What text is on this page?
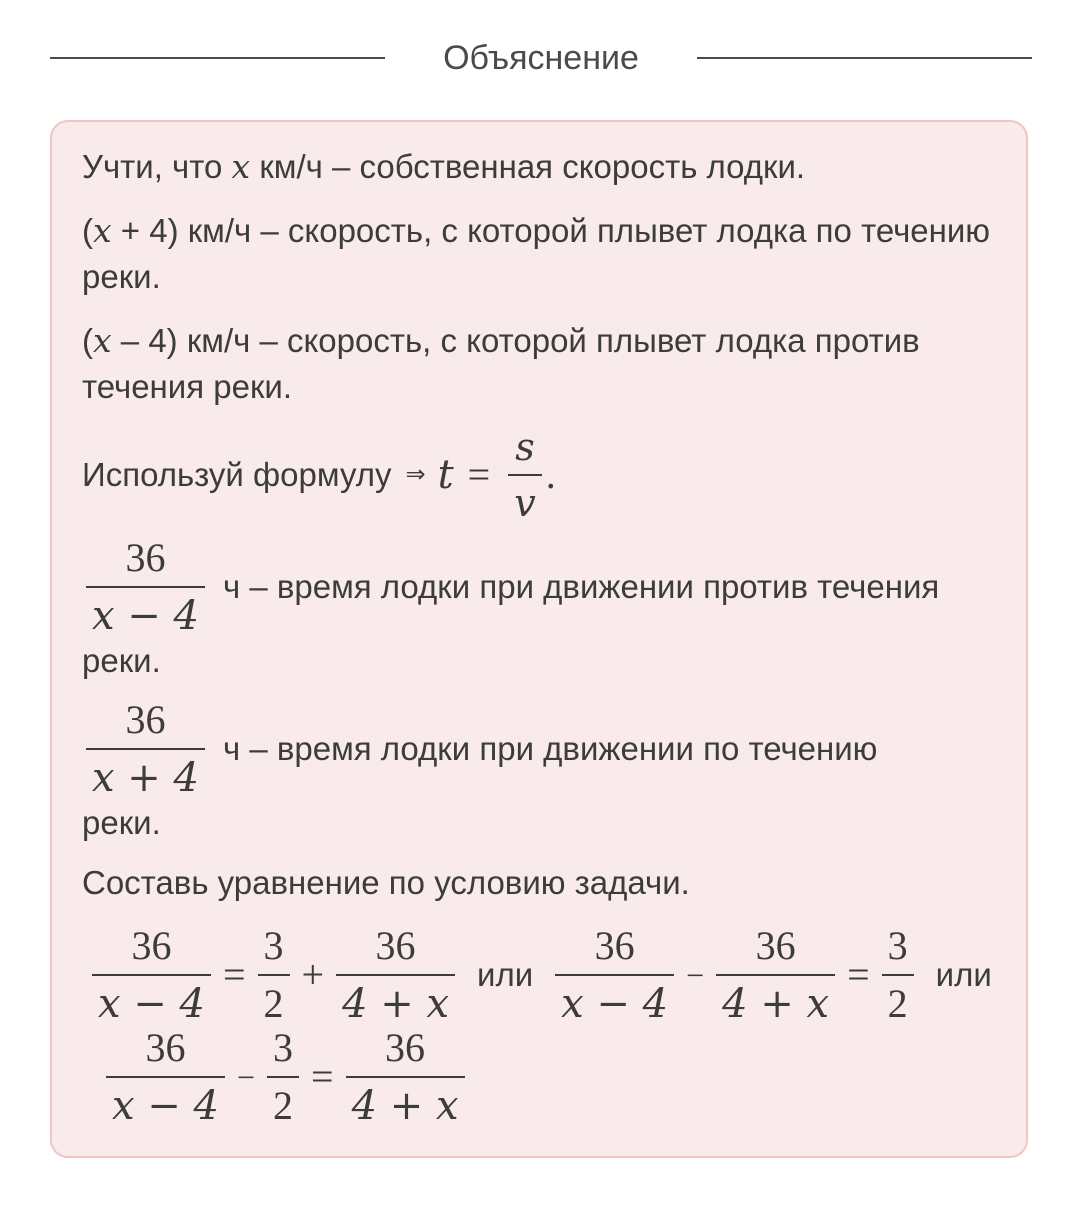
Объяснение

Учти, что x км/ч – собственная скорость лодки.

(x + 4) км/ч – скорость, с которой плывет лодка по течению реки.

(x – 4) км/ч – скорость, с которой плывет лодка против течения реки.

Используй формулу ⇒ $t = \frac{s}{v}$ .
$\frac{36}{x - 4}$ ч – время лодки при движении против течения

реки.

$\frac{36}{x + 4}$ ч – время лодки при движении по течению

реки.

Составь уравнение по условию задачи.

$\frac{36}{x - 4} = \frac{3}{2} + \frac{36}{4 + x}$ или $\frac{36}{x - 4} - \frac{36}{4 + x} = \frac{3}{2}$ или
$\frac{36}{x - 4} - \frac{3}{2} = \frac{36}{4 + x}$
